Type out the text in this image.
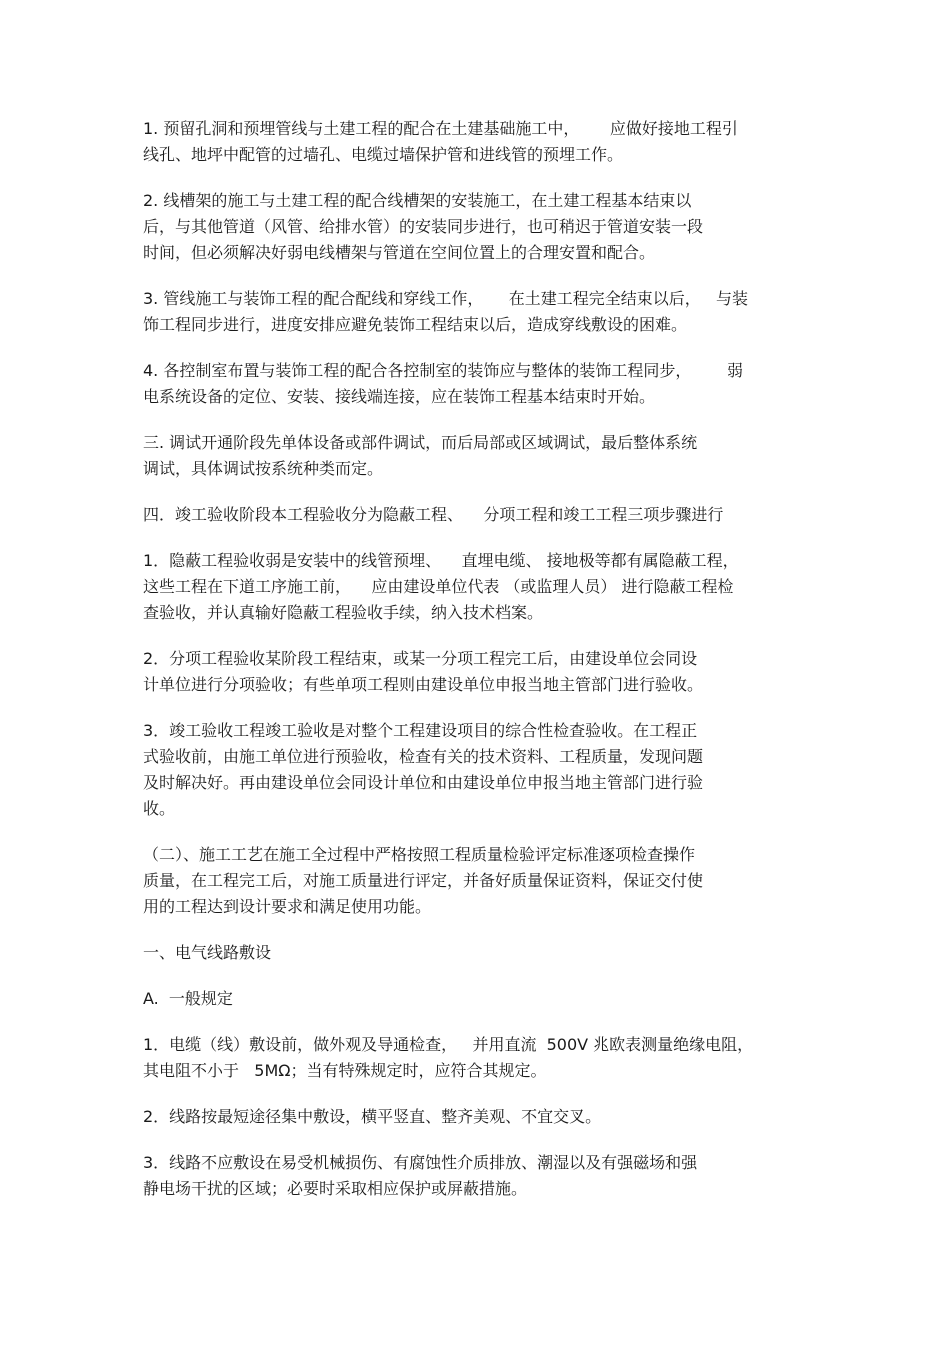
1. 预留孔洞和预埋管线与土建工程的配合在土建基础施工中，      应做好接地工程引
线孔、地坪中配管的过墙孔、电缆过墙保护管和进线管的预埋工作。
2. 线槽架的施工与土建工程的配合线槽架的安装施工，在土建工程基本结束以
后，与其他管道（风管、给排水管）的安装同步进行，也可稍迟于管道安装一段
时间，但必须解决好弱电线槽架与管道在空间位置上的合理安置和配合。
3. 管线施工与装饰工程的配合配线和穿线工作，     在土建工程完全结束以后，   与装
饰工程同步进行，进度安排应避免装饰工程结束以后，造成穿线敷设的困难。
4. 各控制室布置与装饰工程的配合各控制室的装饰应与整体的装饰工程同步，       弱
电系统设备的定位、安装、接线端连接，应在装饰工程基本结束时开始。
三. 调试开通阶段先单体设备或部件调试，而后局部或区域调试，最后整体系统
调试，具体调试按系统种类而定。
四．竣工验收阶段本工程验收分为隐蔽工程、    分项工程和竣工工程三项步骤进行
1．隐蔽工程验收弱是安装中的线管预埋、    直埋电缆、 接地极等都有属隐蔽工程，
这些工程在下道工序施工前，    应由建设单位代表 （或监理人员） 进行隐蔽工程检
查验收，并认真输好隐蔽工程验收手续，纳入技术档案。
2．分项工程验收某阶段工程结束，或某一分项工程完工后，由建设单位会同设
计单位进行分项验收；有些单项工程则由建设单位申报当地主管部门进行验收。
3．竣工验收工程竣工验收是对整个工程建设项目的综合性检查验收。在工程正
式验收前，由施工单位进行预验收，检查有关的技术资料、工程质量，发现问题
及时解决好。再由建设单位会同设计单位和由建设单位申报当地主管部门进行验
收。
（二）、施工工艺在施工全过程中严格按照工程质量检验评定标准逐项检查操作
质量，在工程完工后，对施工质量进行评定，并备好质量保证资料，保证交付使
用的工程达到设计要求和满足使用功能。
一、电气线路敷设
A.  一般规定
1．电缆（线）敷设前，做外观及导通检查，   并用直流  500V 兆欧表测量绝缘电阻，
其电阻不小于   5MΩ；当有特殊规定时，应符合其规定。
2．线路按最短途径集中敷设，横平竖直、整齐美观、不宜交叉。
3．线路不应敷设在易受机械损伤、有腐蚀性介质排放、潮湿以及有强磁场和强
静电场干扰的区域；必要时采取相应保护或屏蔽措施。
